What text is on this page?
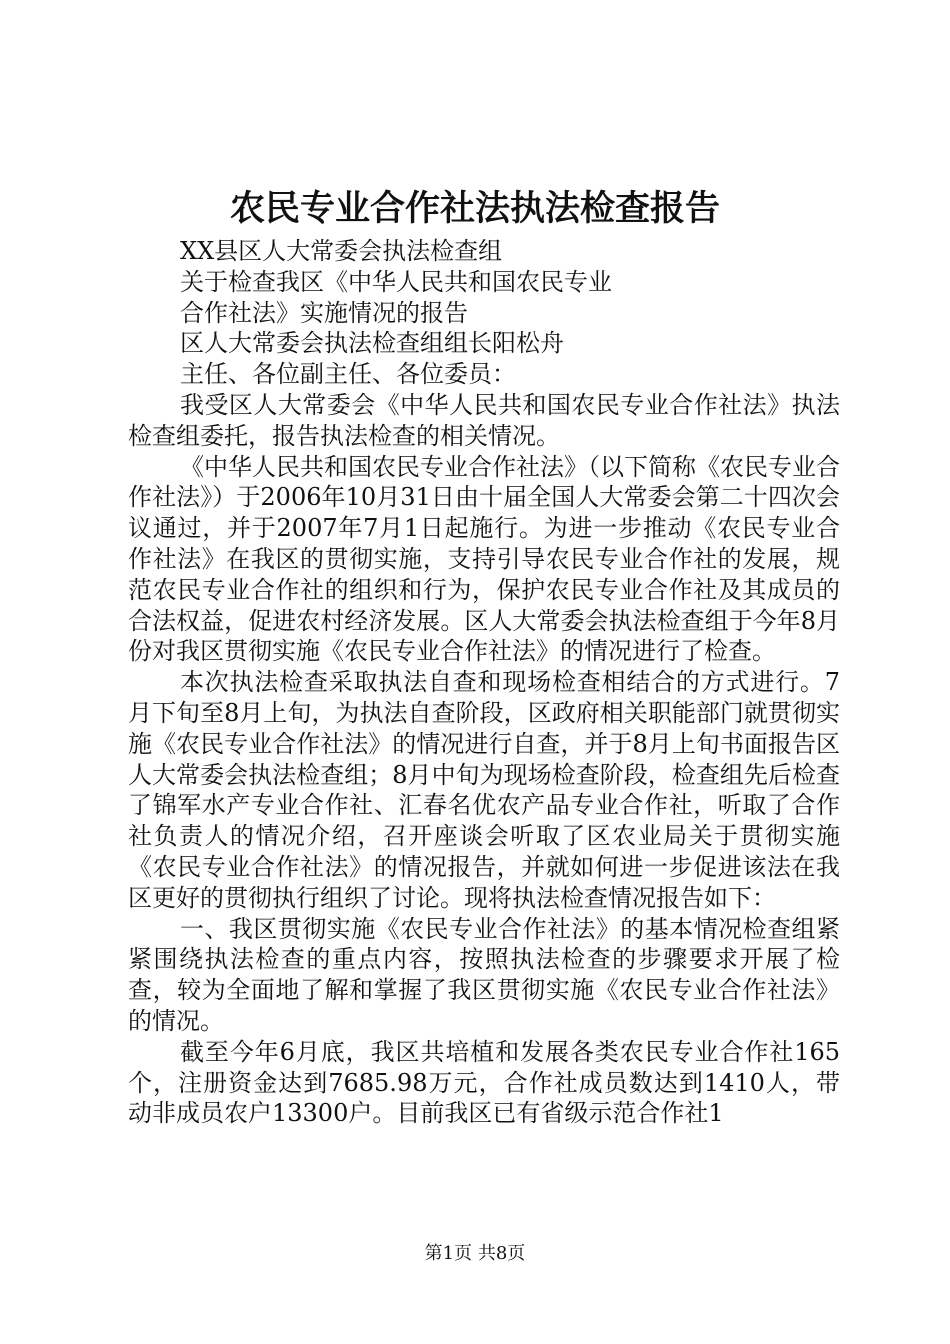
农民专业合作社法执法检查报告

XX县区人大常委会执法检查组

关于检查我区《中华人民共和国农民专业

合作社法》实施情况的报告

区人大常委会执法检查组组长阳松舟

主任、各位副主任、各位委员：

我受区人大常委会《中华人民共和国农民专业合作社法》执法检查组委托，报告执法检查的相关情况。

《中华人民共和国农民专业合作社法》（以下简称《农民专业合作社法》）于2006年10月31日由十届全国人大常委会第二十四次会议通过，并于2007年7月1日起施行。为进一步推动《农民专业合作社法》在我区的贯彻实施，支持引导农民专业合作社的发展，规范农民专业合作社的组织和行为，保护农民专业合作社及其成员的合法权益，促进农村经济发展。区人大常委会执法检查组于今年8月份对我区贯彻实施《农民专业合作社法》的情况进行了检查。

本次执法检查采取执法自查和现场检查相结合的方式进行。7月下旬至8月上旬，为执法自查阶段，区政府相关职能部门就贯彻实施《农民专业合作社法》的情况进行自查，并于8月上旬书面报告区人大常委会执法检查组；8月中旬为现场检查阶段，检查组先后检查了锦军水产专业合作社、汇春名优农产品专业合作社，听取了合作社负责人的情况介绍，召开座谈会听取了区农业局关于贯彻实施《农民专业合作社法》的情况报告，并就如何进一步促进该法在我区更好的贯彻执行组织了讨论。现将执法检查情况报告如下：

一、我区贯彻实施《农民专业合作社法》的基本情况检查组紧紧围绕执法检查的重点内容，按照执法检查的步骤要求开展了检查，较为全面地了解和掌握了我区贯彻实施《农民专业合作社法》的情况。

截至今年6月底，我区共培植和发展各类农民专业合作社165个，注册资金达到7685.98万元，合作社成员数达到1410人，带动非成员农户13300户。目前我区已有省级示范合作社1

第1页 共8页
